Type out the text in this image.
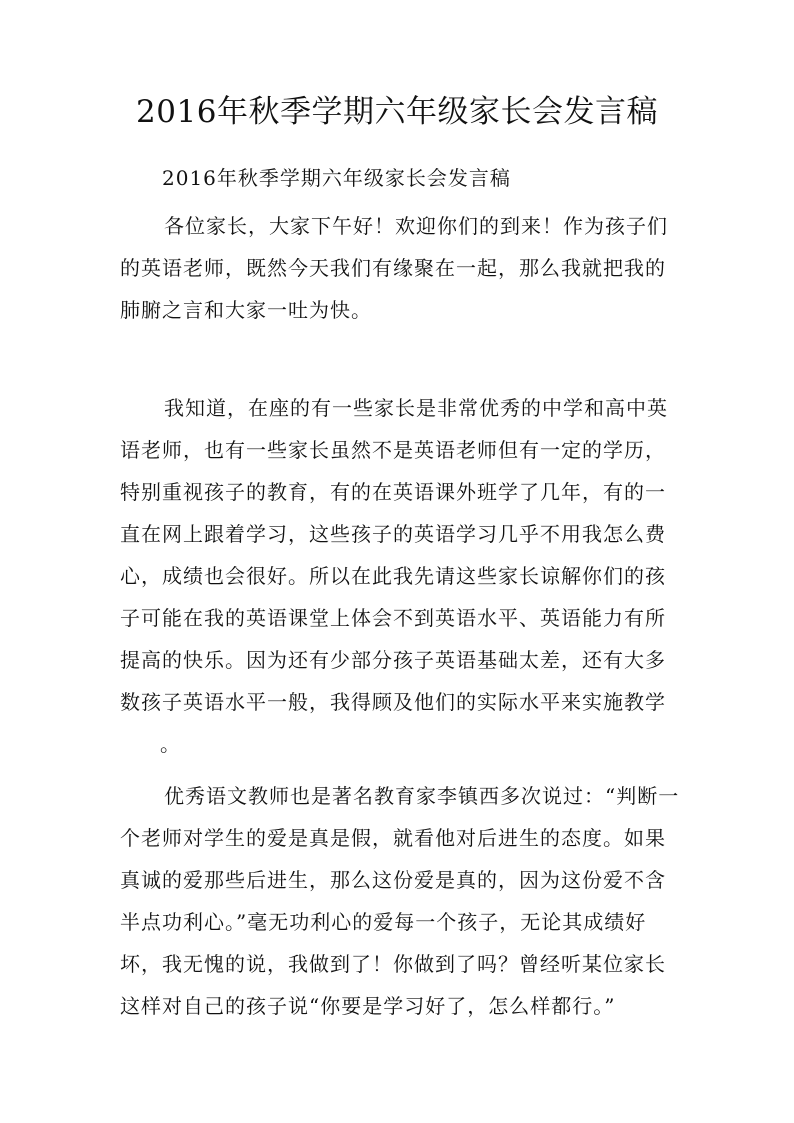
2016年秋季学期六年级家长会发言稿

2016年秋季学期六年级家长会发言稿

各位家长，大家下午好！欢迎你们的到来！作为孩子们的英语老师，既然今天我们有缘聚在一起，那么我就把我的肺腑之言和大家一吐为快。

我知道，在座的有一些家长是非常优秀的中学和高中英语老师，也有一些家长虽然不是英语老师但有一定的学历，特别重视孩子的教育，有的在英语课外班学了几年，有的一直在网上跟着学习，这些孩子的英语学习几乎不用我怎么费心，成绩也会很好。所以在此我先请这些家长谅解你们的孩子可能在我的英语课堂上体会不到英语水平、英语能力有所提高的快乐。因为还有少部分孩子英语基础太差，还有大多数孩子英语水平一般，我得顾及他们的实际水平来实施教学

。

优秀语文教师也是著名教育家李镇西多次说过：“判断一个老师对学生的爱是真是假，就看他对后进生的态度。如果真诚的爱那些后进生，那么这份爱是真的，因为这份爱不含半点功利心。”毫无功利心的爱每一个孩子，无论其成绩好坏，我无愧的说，我做到了！你做到了吗？曾经听某位家长这样对自己的孩子说“你要是学习好了，怎么样都行。”
